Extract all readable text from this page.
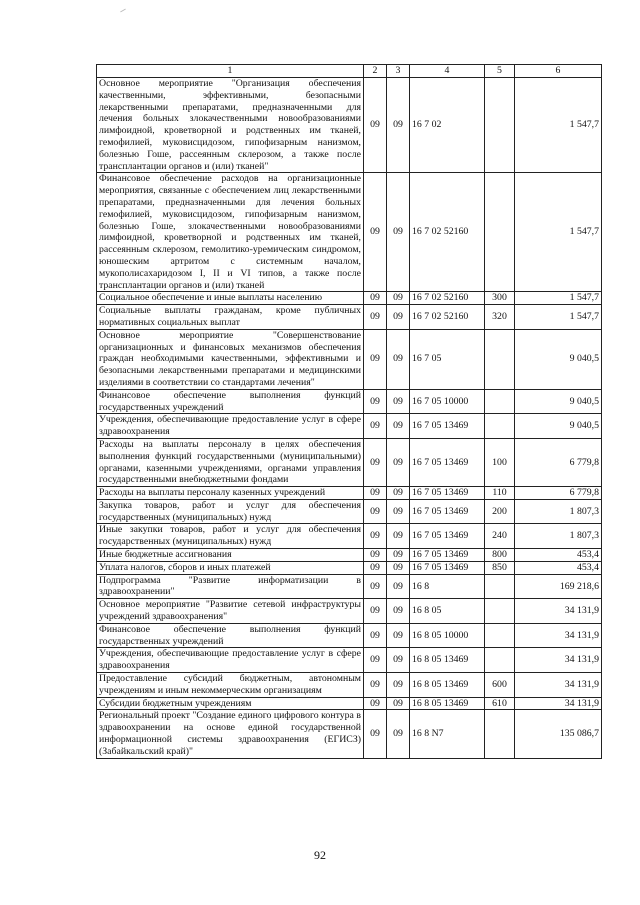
1	2	3	4	5	6
Основное мероприятие "Организация обеспечения качественными, эффективными, безопасными лекарственными препаратами, предназначенными для лечения больных злокачественными новообразованиями лимфоидной, кроветворной и родственных им тканей, гемофилией, муковисцидозом, гипофизарным нанизмом, болезнью Гоше, рассеянным склерозом, а также после трансплантации органов и (или) тканей"	09	09	16 7 02		1 547,7
Финансовое обеспечение расходов на организационные мероприятия, связанные с обеспечением лиц лекарственными препаратами, предназначенными для лечения больных гемофилией, муковисцидозом, гипофизарным нанизмом, болезнью Гоше, злокачественными новообразованиями лимфоидной, кроветворной и родственных им тканей, рассеянным склерозом, гемолитико-уремическим синдромом, юношеским артритом с системным началом, мукополисахаридозом I, II и VI типов, а также после трансплантации органов и (или) тканей	09	09	16 7 02 52160		1 547,7
Социальное обеспечение и иные выплаты населению	09	09	16 7 02 52160	300	1 547,7
Социальные выплаты гражданам, кроме публичных нормативных социальных выплат	09	09	16 7 02 52160	320	1 547,7
Основное мероприятие "Совершенствование организационных и финансовых механизмов обеспечения граждан необходимыми качественными, эффективными и безопасными лекарственными препаратами и медицинскими изделиями в соответствии со стандартами лечения"	09	09	16 7 05		9 040,5
Финансовое обеспечение выполнения функций государственных учреждений	09	09	16 7 05 10000		9 040,5
Учреждения, обеспечивающие предоставление услуг в сфере здравоохранения	09	09	16 7 05 13469		9 040,5
Расходы на выплаты персоналу в целях обеспечения выполнения функций государственными (муниципальными) органами, казенными учреждениями, органами управления государственными внебюджетными фондами	09	09	16 7 05 13469	100	6 779,8
Расходы на выплаты персоналу казенных учреждений	09	09	16 7 05 13469	110	6 779,8
Закупка товаров, работ и услуг для обеспечения государственных (муниципальных) нужд	09	09	16 7 05 13469	200	1 807,3
Иные закупки товаров, работ и услуг для обеспечения государственных (муниципальных) нужд	09	09	16 7 05 13469	240	1 807,3
Иные бюджетные ассигнования	09	09	16 7 05 13469	800	453,4
Уплата налогов, сборов и иных платежей	09	09	16 7 05 13469	850	453,4
Подпрограмма "Развитие информатизации в здравоохранении"	09	09	16 8		169 218,6
Основное мероприятие "Развитие сетевой инфраструктуры учреждений здравоохранения"	09	09	16 8 05		34 131,9
Финансовое обеспечение выполнения функций государственных учреждений	09	09	16 8 05 10000		34 131,9
Учреждения, обеспечивающие предоставление услуг в сфере здравоохранения	09	09	16 8 05 13469		34 131,9
Предоставление субсидий бюджетным, автономным учреждениям и иным некоммерческим организациям	09	09	16 8 05 13469	600	34 131,9
Субсидии бюджетным учреждениям	09	09	16 8 05 13469	610	34 131,9
Региональный проект "Создание единого цифрового контура в здравоохранении на основе единой государственной информационной системы здравоохранения (ЕГИСЗ) (Забайкальский край)"	09	09	16 8 N7		135 086,7
92
